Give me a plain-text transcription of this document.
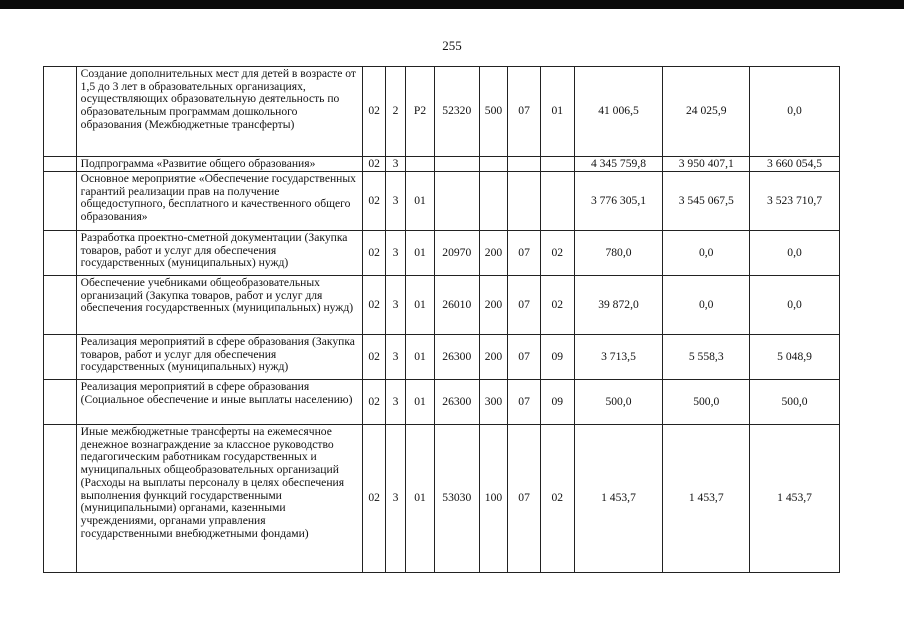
255
	Создание дополнительных мест для детей в возрасте от 1,5 до 3 лет в образовательных организациях, осуществляющих образовательную деятельность по образовательным программам дошкольного образования (Межбюджетные трансферты)	02	2	Р2	52320	500	07	01	41 006,5	24 025,9	0,0
	Подпрограмма «Развитие общего образования»	02	3						4 345 759,8	3 950 407,1	3 660 054,5
	Основное мероприятие «Обеспечение государственных гарантий реализации прав на получение общедоступного, бесплатного и качественного общего образования»	02	3	01					3 776 305,1	3 545 067,5	3 523 710,7
	Разработка проектно-сметной документации (Закупка товаров, работ и услуг для обеспечения государственных (муниципальных) нужд)	02	3	01	20970	200	07	02	780,0	0,0	0,0
	Обеспечение учебниками общеобразовательных организаций (Закупка товаров, работ и услуг для обеспечения государственных (муниципальных) нужд)	02	3	01	26010	200	07	02	39 872,0	0,0	0,0
	Реализация мероприятий в сфере образования (Закупка товаров, работ и услуг для обеспечения государственных (муниципальных) нужд)	02	3	01	26300	200	07	09	3 713,5	5 558,3	5 048,9
	Реализация мероприятий в сфере образования (Социальное обеспечение и иные выплаты населению)	02	3	01	26300	300	07	09	500,0	500,0	500,0
	Иные межбюджетные трансферты на ежемесячное денежное вознаграждение за классное руководство педагогическим работникам государственных и муниципальных общеобразовательных организаций (Расходы на выплаты персоналу в целях обеспечения выполнения функций государственными (муниципальными) органами, казенными учреждениями, органами управления государственными внебюджетными фондами)	02	3	01	53030	100	07	02	1 453,7	1 453,7	1 453,7
